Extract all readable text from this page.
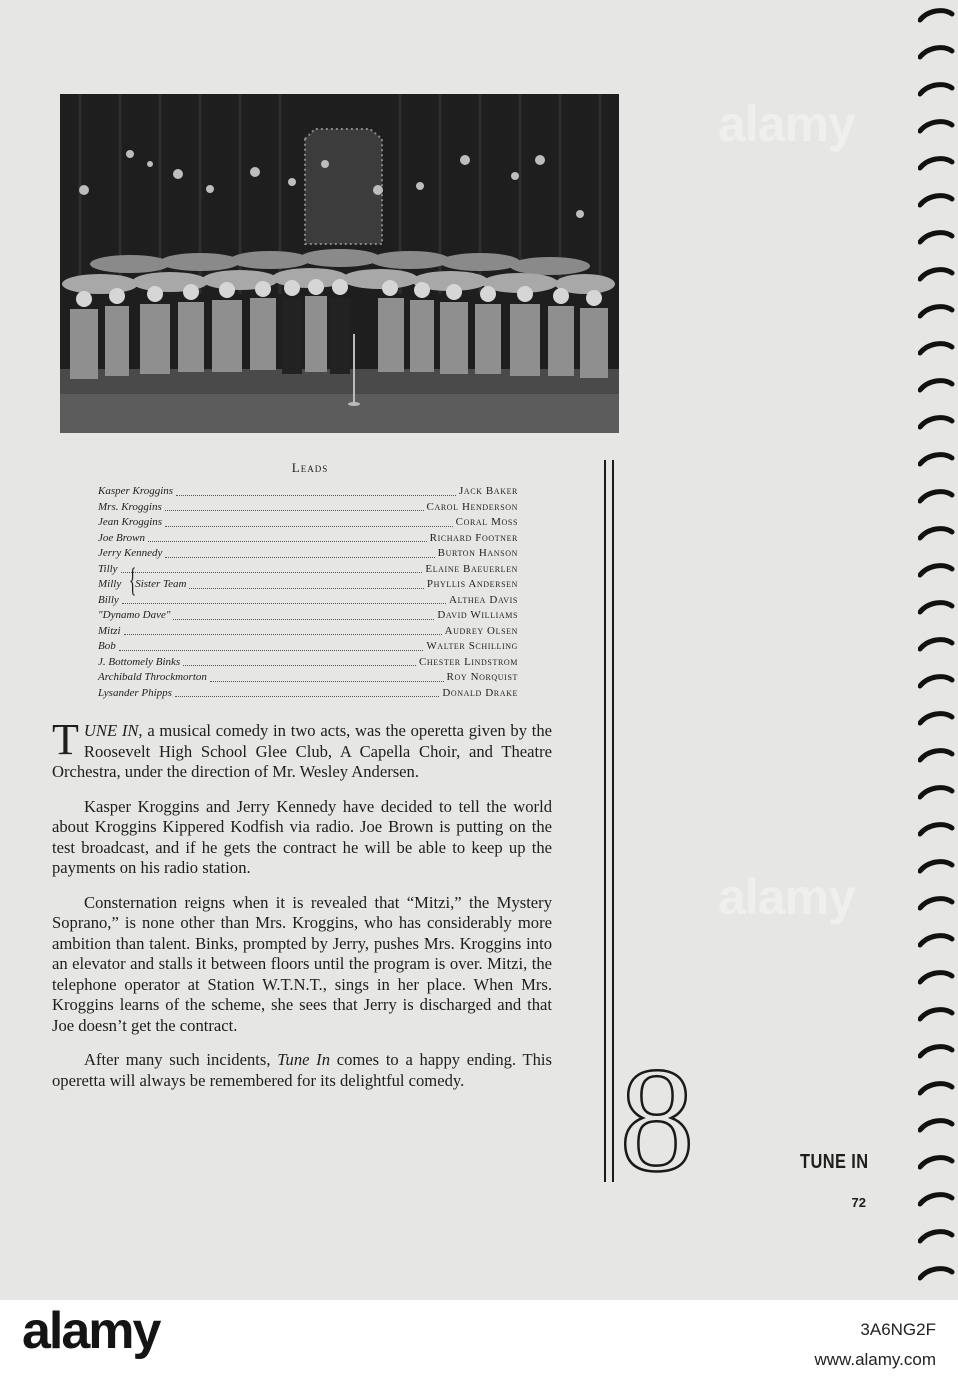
Leads
Kasper Kroggins	Jack Baker
Mrs. Kroggins	Carol Henderson
Jean Kroggins	Coral Moss
Joe Brown	Richard Footner
Jerry Kennedy	Burton Hanson
Tilly	Elaine Baeuerlen
Milly Sister Team	Phyllis Andersen
Billy	Althea Davis
"Dynamo Dave"	David Williams
Mitzi	Audrey Olsen
Bob	Walter Schilling
J. Bottomely Binks	Chester Lindstrom
Archibald Throckmorton	Roy Norquist
Lysander Phipps	Donald Drake
{

TUNE IN, a musical comedy in two acts, was the operetta given by the Roosevelt High School Glee Club, A Capella Choir, and Theatre Orchestra, under the direction of Mr. Wesley Andersen.

Kasper Kroggins and Jerry Kennedy have decided to tell the world about Kroggins Kippered Kodfish via radio. Joe Brown is putting on the test broadcast, and if he gets the contract he will be able to keep up the payments on his radio station.

Consternation reigns when it is revealed that “Mitzi,” the Mystery Soprano,” is none other than Mrs. Kroggins, who has considerably more ambition than talent. Binks, prompted by Jerry, pushes Mrs. Kroggins into an elevator and stalls it between floors until the program is over. Mitzi, the telephone operator at Station W.T.N.T., sings in her place. When Mrs. Kroggins learns of the scheme, she sees that Jerry is discharged and that Joe doesn’t get the contract.

After many such incidents, Tune In comes to a happy ending. This operetta will always be remembered for its delightful comedy.	8	TUNE IN
72
alamy
alamy
alamy	3A6NG2F
www.alamy.com
